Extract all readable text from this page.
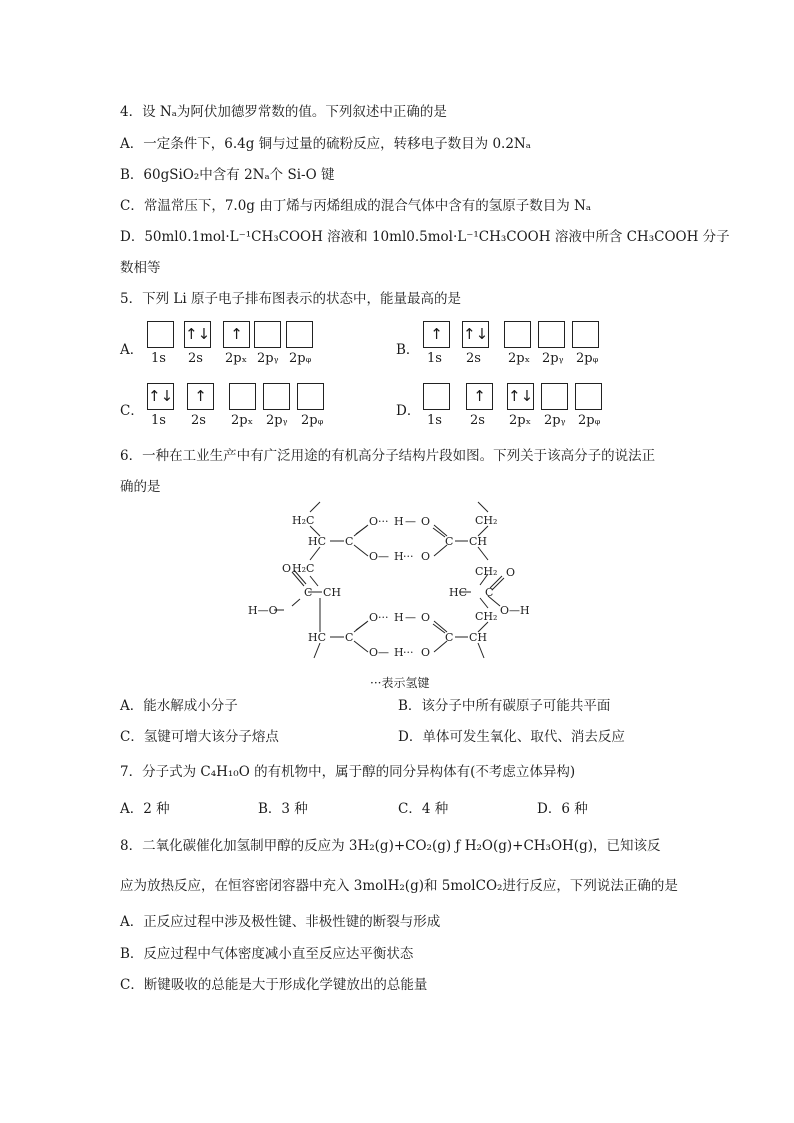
4．设 Nₐ为阿伏加德罗常数的值。下列叙述中正确的是
A．一定条件下，6.4g 铜与过量的硫粉反应，转移电子数目为 0.2Nₐ
B．60gSiO₂中含有 2Nₐ个 Si-O 键
C．常温常压下，7.0g 由丁烯与丙烯组成的混合气体中含有的氢原子数目为 Nₐ
D．50ml0.1mol·L⁻¹CH₃COOH 溶液和 10ml0.5mol·L⁻¹CH₃COOH 溶液中所含 CH₃COOH 分子
数相等
5．下列 Li 原子电子排布图表示的状态中，能量最高的是
A．
↑↓	↑
1s 2s 2pₓ 2pᵧ 2pᵩ
B．
↑	↑↓
1s 2s 2pₓ 2pᵧ 2pᵩ
C．
↑↓	↑
1s 2s 2pₓ 2pᵧ 2pᵩ
D．
↑	↑↓
1s 2s 2pₓ 2pᵧ 2pᵩ
6．一种在工业生产中有广泛用途的有机高分子结构片段如图。下列关于该高分子的说法正
确的是
H₂C	CH₂
HC C
O ··· H — O
C CH
O — H ··· O
O H₂C
C CH
H—O
CH₂
HC C
O
CH₂ O—H
HC C
O ··· H — O
C CH
O — H ··· O
···表示氢键
A．能水解成小分子	B．该分子中所有碳原子可能共平面
C．氢键可增大该分子熔点	D．单体可发生氧化、取代、消去反应
7．分子式为 C₄H₁₀O 的有机物中，属于醇的同分异构体有(不考虑立体异构)
A．2 种	B．3 种	C．4 种	D．6 种
8．二氧化碳催化加氢制甲醇的反应为 3H₂(g)+CO₂(g) ƒ H₂O(g)+CH₃OH(g)，已知该反
应为放热反应，在恒容密闭容器中充入 3molH₂(g)和 5molCO₂进行反应，下列说法正确的是
A．正反应过程中涉及极性键、非极性键的断裂与形成
B．反应过程中气体密度减小直至反应达平衡状态
C．断键吸收的总能是大于形成化学键放出的总能量
